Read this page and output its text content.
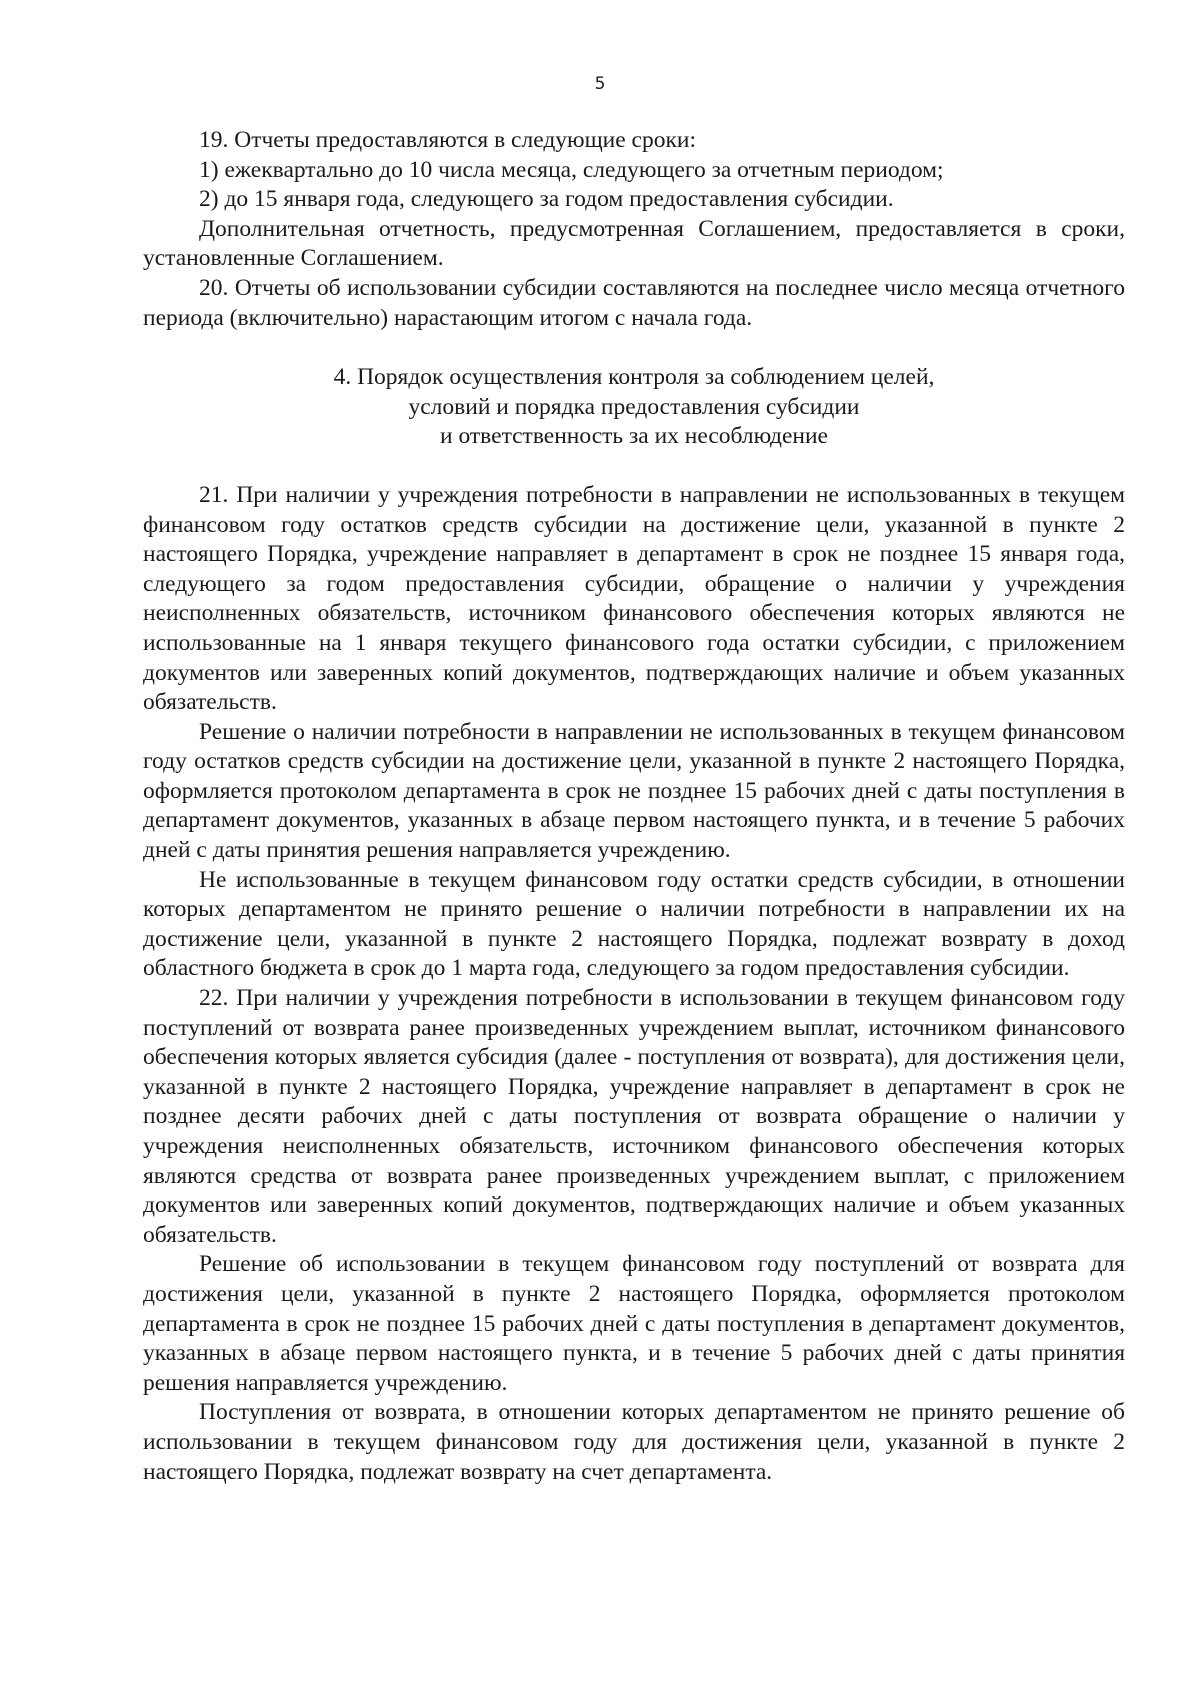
5

19. Отчеты предоставляются в следующие сроки:

1) ежеквартально до 10 числа месяца, следующего за отчетным периодом;

2) до 15 января года, следующего за годом предоставления субсидии.

Дополнительная отчетность, предусмотренная Соглашением, предоставляется в сроки, установленные Соглашением.

20. Отчеты об использовании субсидии составляются на последнее число месяца отчетного периода (включительно) нарастающим итогом с начала года.

4. Порядок осуществления контроля за соблюдением целей,
условий и порядка предоставления субсидии
и ответственность за их несоблюдение

21. При наличии у учреждения потребности в направлении не использованных в текущем финансовом году остатков средств субсидии на достижение цели, указанной в пункте 2 настоящего Порядка, учреждение направляет в департамент в срок не позднее 15 января года, следующего за годом предоставления субсидии, обращение о наличии у учреждения неисполненных обязательств, источником финансового обеспечения которых являются не использованные на 1 января текущего финансового года остатки субсидии, с приложением документов или заверенных копий документов, подтверждающих наличие и объем указанных обязательств.

Решение о наличии потребности в направлении не использованных в текущем финансовом году остатков средств субсидии на достижение цели, указанной в пункте 2 настоящего Порядка, оформляется протоколом департамента в срок не позднее 15 рабочих дней с даты поступления в департамент документов, указанных в абзаце первом настоящего пункта, и в течение 5 рабочих дней с даты принятия решения направляется учреждению.

Не использованные в текущем финансовом году остатки средств субсидии, в отношении которых департаментом не принято решение о наличии потребности в направлении их на достижение цели, указанной в пункте 2 настоящего Порядка, подлежат возврату в доход областного бюджета в срок до 1 марта года, следующего за годом предоставления субсидии.

22. При наличии у учреждения потребности в использовании в текущем финансовом году поступлений от возврата ранее произведенных учреждением выплат, источником финансового обеспечения которых является субсидия (далее - поступления от возврата), для достижения цели, указанной в пункте 2 настоящего Порядка, учреждение направляет в департамент в срок не позднее десяти рабочих дней с даты поступления от возврата обращение о наличии у учреждения неисполненных обязательств, источником финансового обеспечения которых являются средства от возврата ранее произведенных учреждением выплат, с приложением документов или заверенных копий документов, подтверждающих наличие и объем указанных обязательств.

Решение об использовании в текущем финансовом году поступлений от возврата для достижения цели, указанной в пункте 2 настоящего Порядка, оформляется протоколом департамента в срок не позднее 15 рабочих дней с даты поступления в департамент документов, указанных в абзаце первом настоящего пункта, и в течение 5 рабочих дней с даты принятия решения направляется учреждению.

Поступления от возврата, в отношении которых департаментом не принято решение об использовании в текущем финансовом году для достижения цели, указанной в пункте 2 настоящего Порядка, подлежат возврату на счет департамента.
